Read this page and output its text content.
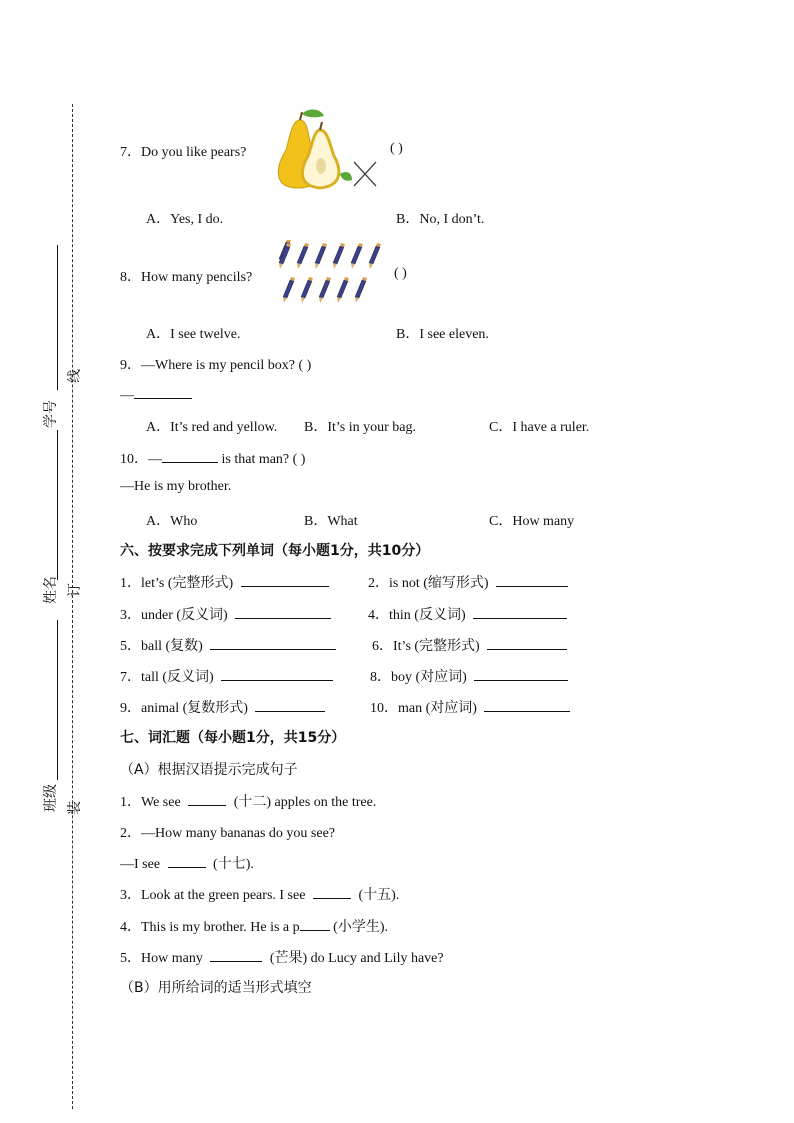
学号
线
姓名 订
班级 装
7．Do you like pears?	( )
A．Yes, I do.	B．No, I don’t.
8．How many pencils?	( )
A．I see twelve.	B．I see eleven.
9．—Where is my pencil box? ( )
—
A．It’s red and yellow. B．It’s in your bag.	C．I have a ruler.
10．—	is that man? ( )
—He is my brother.
A．Who	B．What	C．How many
六、按要求完成下列单词（每小题1分，共10分）
1．let’s (完整形式)	2．is not (缩写形式)
3．under (反义词)	4．thin (反义词)
5．ball (复数)	6．It’s (完整形式)
7．tall (反义词)	8．boy (对应词)
9．animal (复数形式)	10．man (对应词)
七、词汇题（每小题1分，共15分）
（A）根据汉语提示完成句子
1．We see	(十二) apples on the tree.
2．—How many bananas do you see?
—I see	(十七).
3．Look at the green pears. I see	(十五).
4．This is my brother. He is a p (小学生).
5．How many	(芒果) do Lucy and Lily have?
（B）用所给词的适当形式填空
